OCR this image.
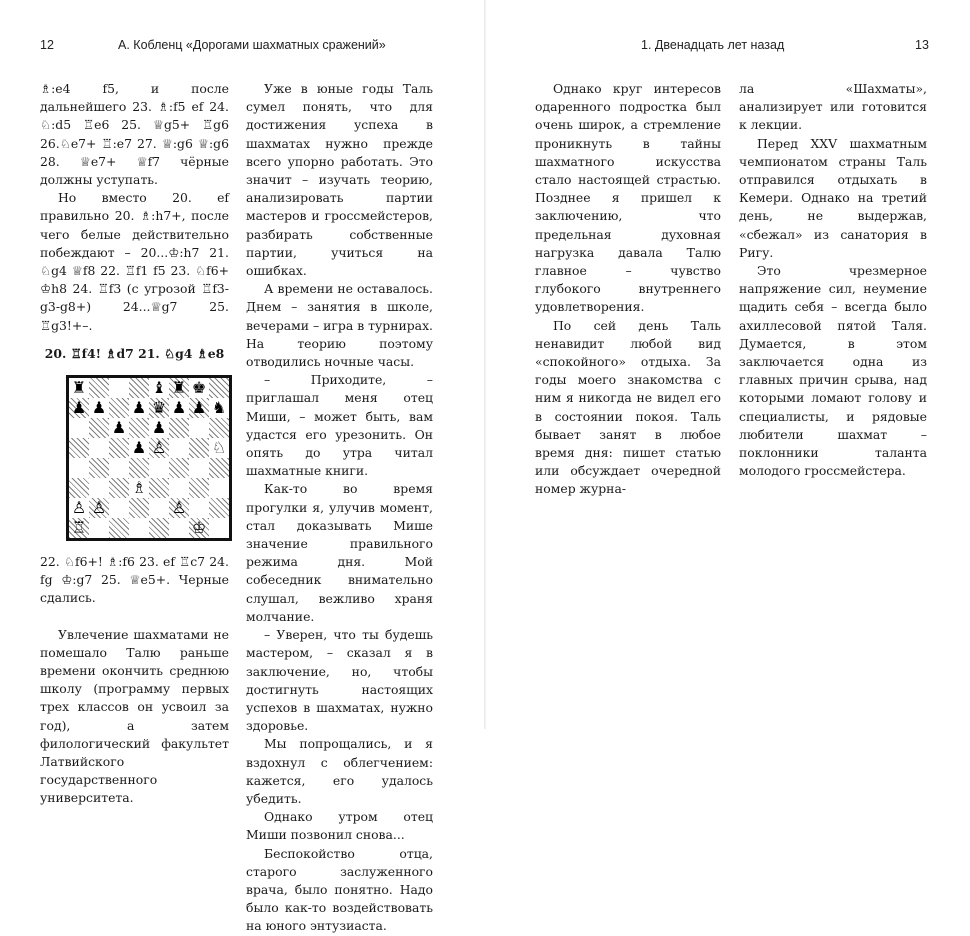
12	А. Кобленц «Дорогами шахматных сражений»

♗:e4 f5, и после дальнейшего 23. ♗:f5 ef 24. ♘:d5 ♖e6 25. ♕g5+ ♖g6 26.♘e7+ ♖:e7 27. ♕:g6 ♕:g6 28. ♕e7+ ♕f7 чёрные должны уступать.

Но вместо 20. ef правильно 20. ♗:h7+, после чего белые действительно побеждают – 20...♔:h7 21. ♘g4 ♕f8 22. ♖f1 f5 23. ♘f6+ ♔h8 24. ♖f3 (с угрозой ♖f3-g3-g8+) 24...♕g7 25. ♖g3!+–.

20. ♖f4! ♗d7 21. ♘g4 ♗e8

♜	♝ ♜ ♚
♟ ♟ ♟ ♛ ♟ ♟ ♞
♟ ♟
♟ ♙	♘
♗
♙ ♙	♙
♖	♔

22. ♘f6+! ♗:f6 23. ef ♖c7 24. fg ♔:g7 25. ♕e5+. Черные сдались.

Увлечение шахматами не помешало Талю раньше времени окончить среднюю школу (программу первых трех классов он усвоил за год), а затем филологический факультет Латвийского государственного университета.

Уже в юные годы Таль сумел понять, что для достижения успеха в шахматах нужно прежде всего упорно работать. Это значит – изучать теорию, анализировать партии мастеров и гроссмейстеров, разбирать собственные партии, учиться на ошибках.

А времени не оставалось. Днем – занятия в школе, вечерами – игра в турнирах. На теорию поэтому отводились ночные часы.

– Приходите, – приглашал меня отец Миши, – может быть, вам удастся его урезонить. Он опять до утра читал шахматные книги.

Как-то во время прогулки я, улучив момент, стал доказывать Мише значение правильного режима дня. Мой собеседник внимательно слушал, вежливо храня молчание.

– Уверен, что ты будешь мастером, – сказал я в заключение, но, чтобы достигнуть настоящих успехов в шахматах, нужно здоровье.

Мы попрощались, и я вздохнул с облегчением: кажется, его удалось убедить.

Однако утром отец Миши позвонил снова...

Беспокойство отца, старого заслуженного врача, было понятно. Надо было как-то воздействовать на юного энтузиаста.

1. Двенадцать лет назад	13

Однако круг интересов одаренного подростка был очень широк, а стремление проникнуть в тайны шахматного искусства стало настоящей страстью. Позднее я пришел к заключению, что предельная духовная нагрузка давала Талю главное – чувство глубокого внутреннего удовлетворения.

По сей день Таль ненавидит любой вид «спокойного» отдыха. За годы моего знакомства с ним я никогда не видел его в состоянии покоя. Таль бывает занят в любое время дня: пишет статью или обсуждает очередной номер журна-

ла «Шахматы», анализирует или готовится к лекции.

Перед XXV шахматным чемпионатом страны Таль отправился отдыхать в Кемери. Однако на третий день, не выдержав, «сбежал» из санатория в Ригу.

Это чрезмерное напряжение сил, неумение щадить себя – всегда было ахиллесовой пятой Таля. Думается, в этом заключается одна из главных причин срыва, над которыми ломают голову и специалисты, и рядовые любители шахмат – поклонники таланта молодого гроссмейстера.
